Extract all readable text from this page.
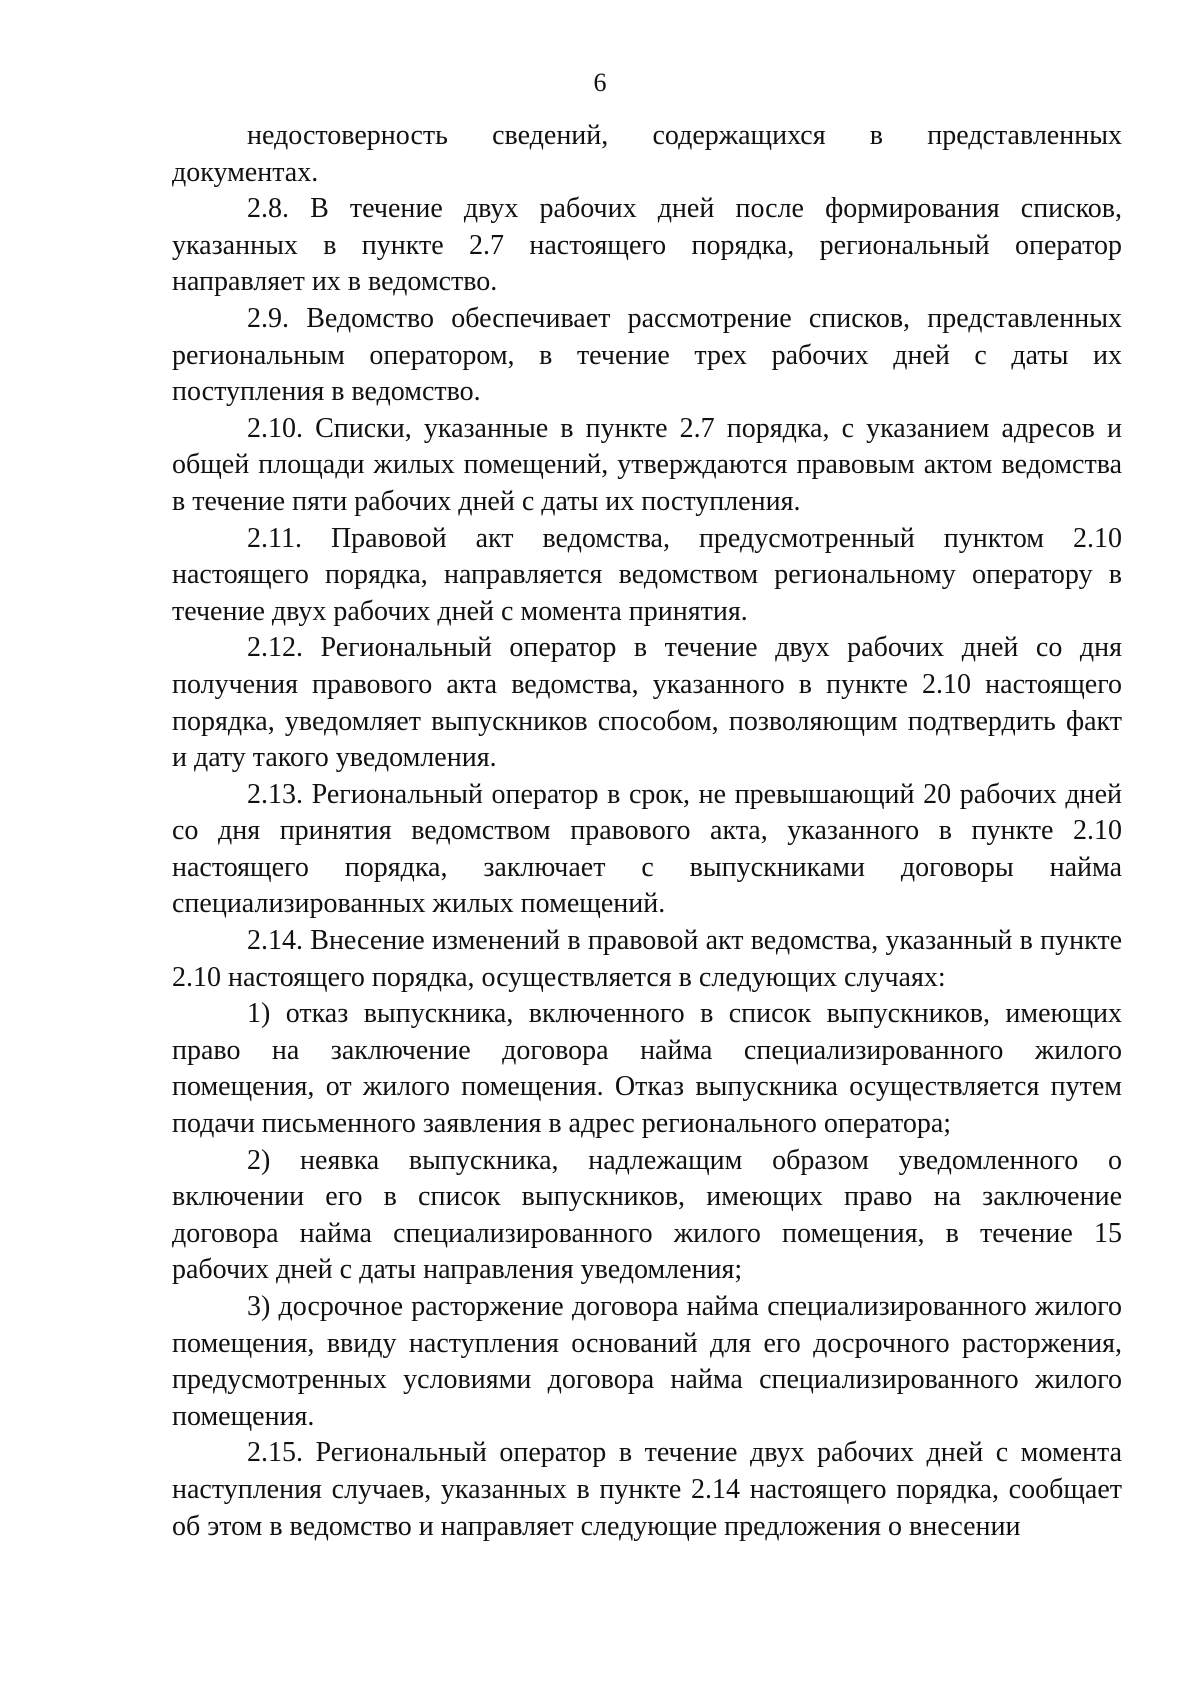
6

недостоверность сведений, содержащихся в представленных документах.

2.8. В течение двух рабочих дней после формирования списков, указанных в пункте 2.7 настоящего порядка, региональный оператор направляет их в ведомство.

2.9. Ведомство обеспечивает рассмотрение списков, представленных региональным оператором, в течение трех рабочих дней с даты их поступления в ведомство.

2.10. Списки, указанные в пункте 2.7 порядка, с указанием адресов и общей площади жилых помещений, утверждаются правовым актом ведомства в течение пяти рабочих дней с даты их поступления.

2.11. Правовой акт ведомства, предусмотренный пунктом 2.10 настоящего порядка, направляется ведомством региональному оператору в течение двух рабочих дней с момента принятия.

2.12. Региональный оператор в течение двух рабочих дней со дня получения правового акта ведомства, указанного в пункте 2.10 настоящего порядка, уведомляет выпускников способом, позволяющим подтвердить факт и дату такого уведомления.

2.13. Региональный оператор в срок, не превышающий 20 рабочих дней со дня принятия ведомством правового акта, указанного в пункте 2.10 настоящего порядка, заключает с выпускниками договоры найма специализированных жилых помещений.

2.14. Внесение изменений в правовой акт ведомства, указанный в пункте 2.10 настоящего порядка, осуществляется в следующих случаях:

1) отказ выпускника, включенного в список выпускников, имеющих право на заключение договора найма специализированного жилого помещения, от жилого помещения. Отказ выпускника осуществляется путем подачи письменного заявления в адрес регионального оператора;

2) неявка выпускника, надлежащим образом уведомленного о включении его в список выпускников, имеющих право на заключение договора найма специализированного жилого помещения, в течение 15 рабочих дней с даты направления уведомления;

3) досрочное расторжение договора найма специализированного жилого помещения, ввиду наступления оснований для его досрочного расторжения, предусмотренных условиями договора найма специализированного жилого помещения.

2.15. Региональный оператор в течение двух рабочих дней с момента наступления случаев, указанных в пункте 2.14 настоящего порядка, сообщает об этом в ведомство и направляет следующие предложения о внесении
